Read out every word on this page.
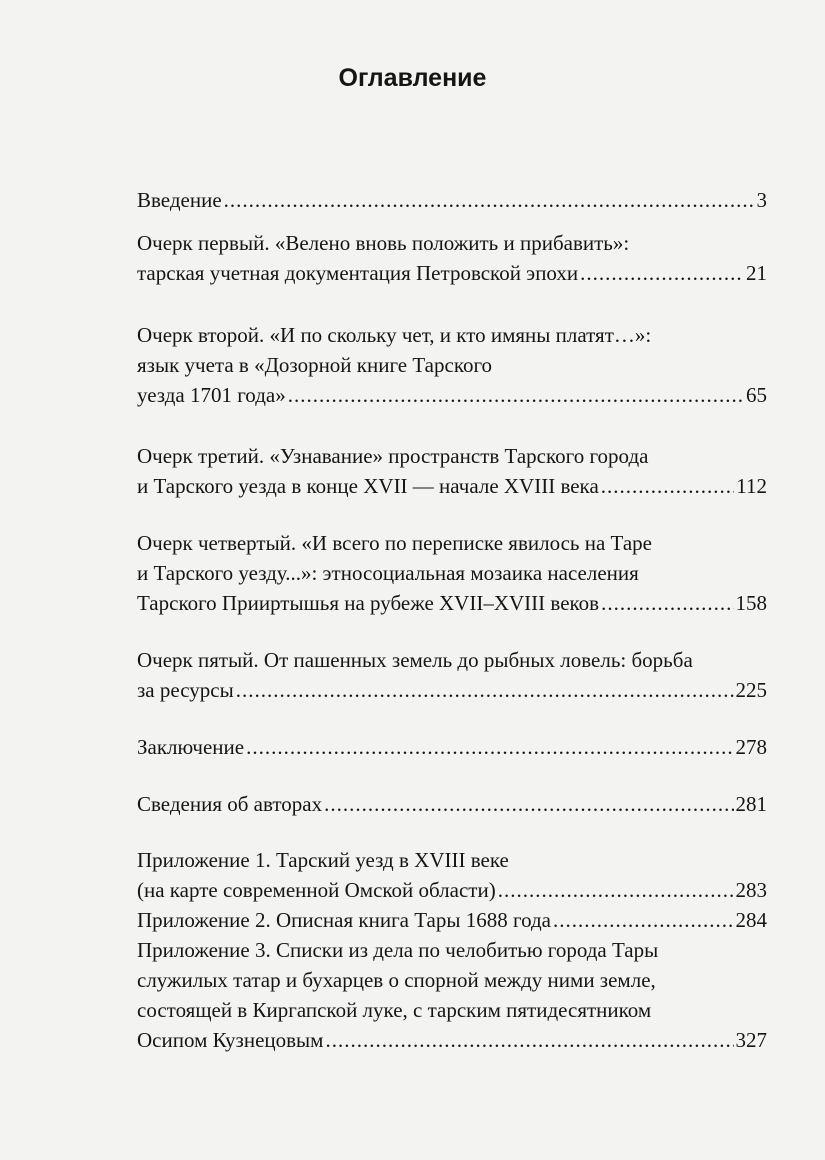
Оглавление
Введение .....	3
Очерк первый. «Велено вновь положить и прибавить»:
тарская учетная документация Петровской эпохи .....	21
Очерк второй. «И по скольку чет, и кто имяны платят…»:
язык учета в «Дозорной книге Тарского
уезда 1701 года» .....	65
Очерк третий. «Узнавание» пространств Тарского города
и Тарского уезда в конце XVII — начале XVIII века .....	112
Очерк четвертый. «И всего по переписке явилось на Таре
и Тарского уезду...»: этносоциальная мозаика населения
Тарского Прииртышья на рубеже XVII–XVIII веков .....	158
Очерк пятый. От пашенных земель до рыбных ловель: борьба
за ресурсы .....	225
Заключение .....	278
Сведения об авторах .....	281
Приложение 1. Тарский уезд в XVIII веке
(на карте современной Омской области) .....	283
Приложение 2. Описная книга Тары 1688 года .....	284
Приложение 3. Списки из дела по челобитью города Тары
служилых татар и бухарцев о спорной между ними земле,
состоящей в Киргапской луке, с тарским пятидесятником
Осипом Кузнецовым .....	327
